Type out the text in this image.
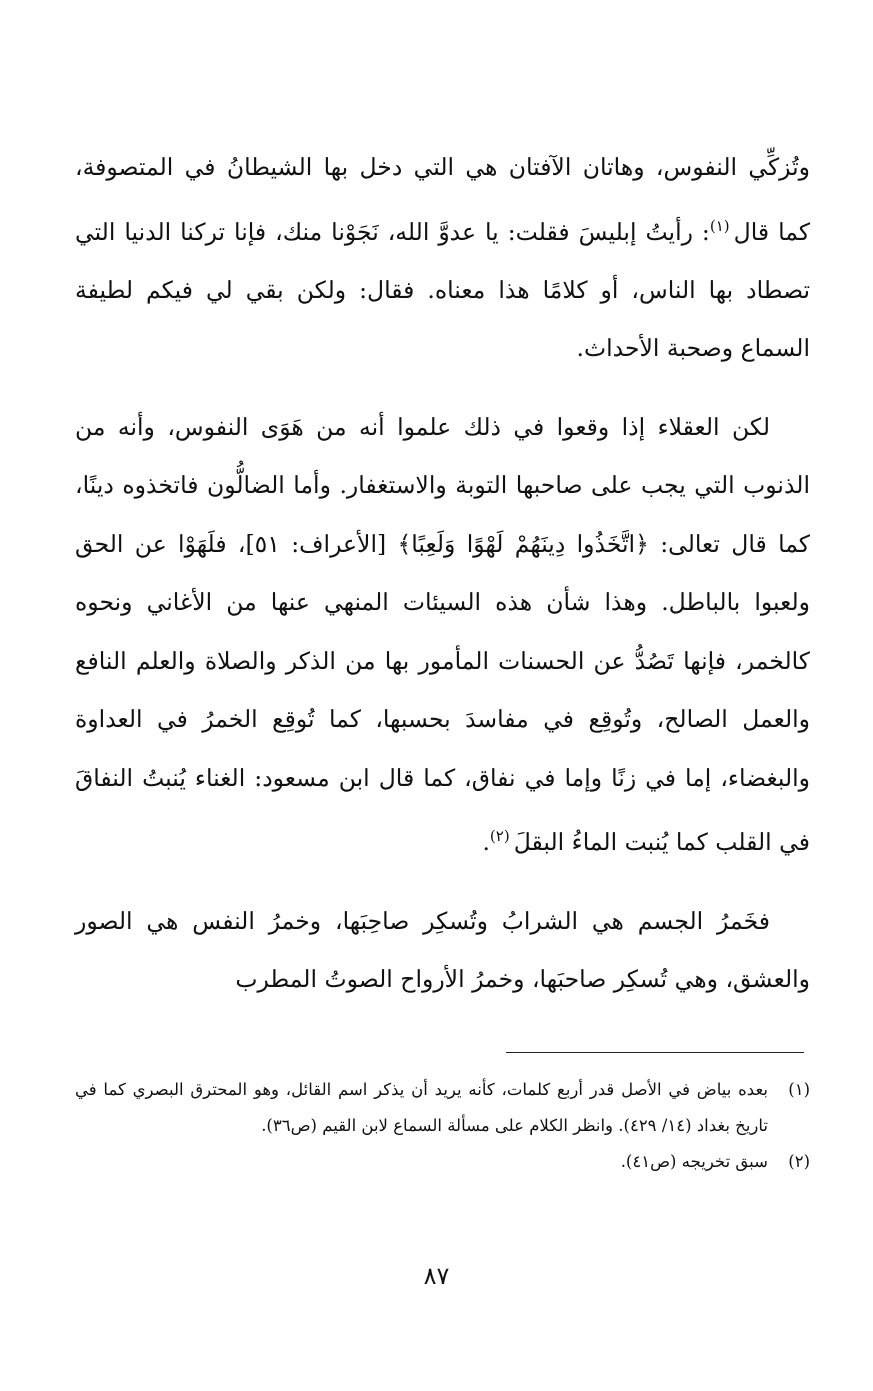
وتُزكِّي النفوس، وهاتان الآفتان هي التي دخل بها الشيطانُ في المتصوفة، كما قال$^{(١)}$: رأيتُ إبليسَ فقلت: يا عدوَّ الله، نَجَوْنا منك، فإنا تركنا الدنيا التي تصطاد بها الناس، أو كلامًا هذا معناه. فقال: ولكن بقي لي فيكم لطيفة السماع وصحبة الأحداث.

لكن العقلاء إذا وقعوا في ذلك علموا أنه من هَوَى النفوس، وأنه من الذنوب التي يجب على صاحبها التوبة والاستغفار. وأما الضالُّون فاتخذوه دينًا، كما قال تعالى: ﴿اتَّخَذُوا دِينَهُمْ لَهْوًا وَلَعِبًا﴾ [الأعراف: ٥١]، فلَهَوْا عن الحق ولعبوا بالباطل. وهذا شأن هذه السيئات المنهي عنها من الأغاني ونحوه كالخمر، فإنها تَصُدُّ عن الحسنات المأمور بها من الذكر والصلاة والعلم النافع والعمل الصالح، وتُوقِع في مفاسدَ بحسبها، كما تُوقِع الخمرُ في العداوة والبغضاء، إما في زنًا وإما في نفاق، كما قال ابن مسعود: الغناء يُنبتُ النفاقَ في القلب كما يُنبت الماءُ البقلَ$^{(٢)}$.

فخَمرُ الجسم هي الشرابُ وتُسكِر صاحِبَها، وخمرُ النفس هي الصور والعشق، وهي تُسكِر صاحبَها، وخمرُ الأرواح الصوتُ المطرب

(١)
بعده بياض في الأصل قدر أربع كلمات، كأنه يريد أن يذكر اسم القائل، وهو المحترق البصري كما في تاريخ بغداد (١٤/ ٤٢٩). وانظر الكلام على مسألة السماع لابن القيم (ص٣٦).
(٢)
سبق تخريجه (ص٤١).
٨٧
